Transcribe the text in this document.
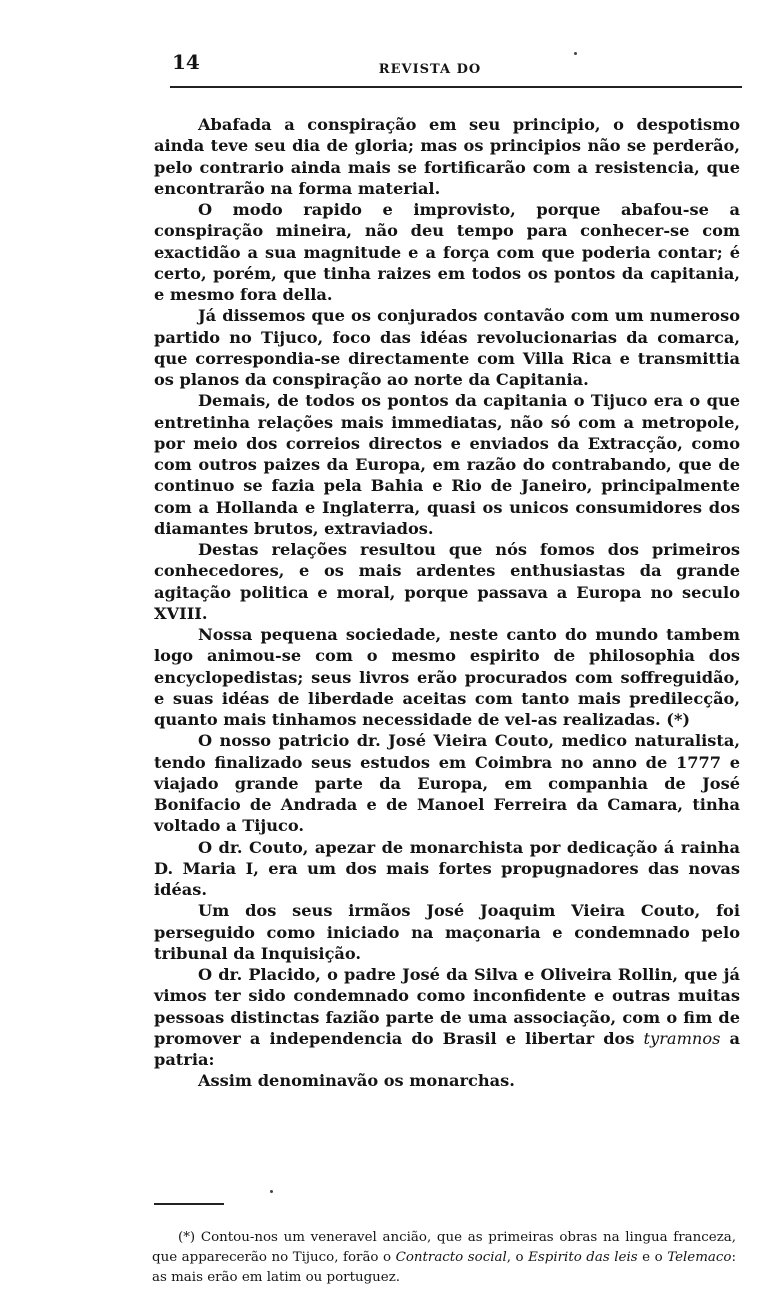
14	REVISTA DO

Abafada a conspiração em seu principio, o despotismo ainda teve seu dia de gloria; mas os principios não se perderão, pelo contrario ainda mais se fortificarão com a resistencia, que encontrarão na forma material.

O modo rapido e improvisto, porque abafou-se a conspiração mineira, não deu tempo para conhecer-se com exactidão a sua magnitude e a força com que poderia contar; é certo, porém, que tinha raizes em todos os pontos da capitania, e mesmo fora della.

Já dissemos que os conjurados contavão com um numeroso partido no Tijuco, foco das idéas revolucionarias da comarca, que correspondia-se directamente com Villa Rica e transmittia os planos da conspiração ao norte da Capitania.

Demais, de todos os pontos da capitania o Tijuco era o que entretinha relações mais immediatas, não só com a metropole, por meio dos correios directos e enviados da Extracção, como com outros paizes da Europa, em razão do contrabando, que de continuo se fazia pela Bahia e Rio de Janeiro, principalmente com a Hollanda e Inglaterra, quasi os unicos consumidores dos diamantes brutos, extraviados.

Destas relações resultou que nós fomos dos primeiros conhecedores, e os mais ardentes enthusiastas da grande agitação politica e moral, porque passava a Europa no seculo XVIII.

Nossa pequena sociedade, neste canto do mundo tambem logo animou-se com o mesmo espirito de philosophia dos encyclopedistas; seus livros erão procurados com soffreguidão, e suas idéas de liberdade aceitas com tanto mais predilecção, quanto mais tinhamos necessidade de vel-as realizadas. (*)

O nosso patricio dr. José Vieira Couto, medico naturalista, tendo finalizado seus estudos em Coimbra no anno de 1777 e viajado grande parte da Europa, em companhia de José Bonifacio de Andrada e de Manoel Ferreira da Camara, tinha voltado a Tijuco.

O dr. Couto, apezar de monarchista por dedicação á rainha D. Maria I, era um dos mais fortes propugnadores das novas idéas.

Um dos seus irmãos José Joaquim Vieira Couto, foi perseguido como iniciado na maçonaria e condemnado pelo tribunal da Inquisição.

O dr. Placido, o padre José da Silva e Oliveira Rollin, que já vimos ter sido condemnado como inconfidente e outras muitas pessoas distinctas fazião parte de uma associação, com o fim de promover a independencia do Brasil e libertar dos tyramnos a patria:

Assim denominavão os monarchas.

(*) Contou-nos um veneravel ancião, que as primeiras obras na lingua franceza, que apparecerão no Tijuco, forão o Contracto social, o Espirito das leis e o Telemaco: as mais erão em latim ou portuguez.
